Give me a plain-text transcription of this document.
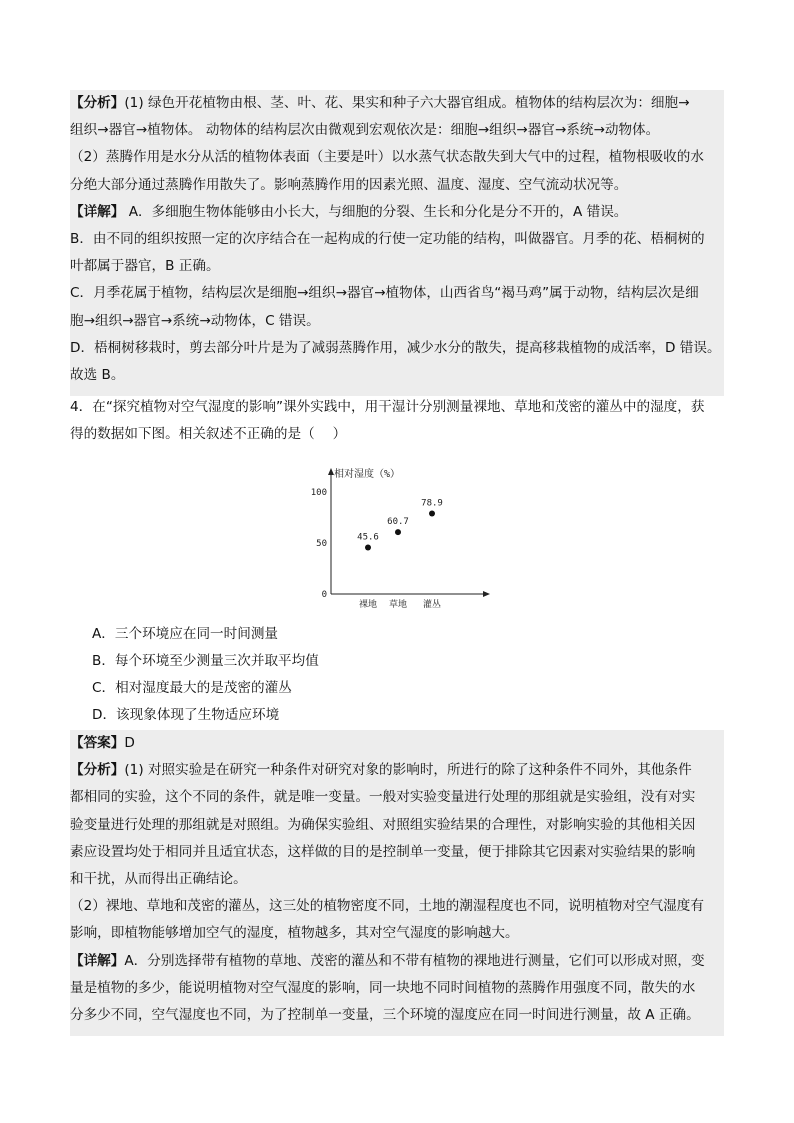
【分析】(1) 绿色开花植物由根、茎、叶、花、果实和种子六大器官组成。植物体的结构层次为：细胞→

组织→器官→植物体。 动物体的结构层次由微观到宏观依次是：细胞→组织→器官→系统→动物体。

（2）蒸腾作用是水分从活的植物体表面（主要是叶）以水蒸气状态散失到大气中的过程，植物根吸收的水

分绝大部分通过蒸腾作用散失了。影响蒸腾作用的因素光照、温度、湿度、空气流动状况等。

【详解】 A．多细胞生物体能够由小长大，与细胞的分裂、生长和分化是分不开的，A 错误。

B．由不同的组织按照一定的次序结合在一起构成的行使一定功能的结构，叫做器官。月季的花、梧桐树的

叶都属于器官，B 正确。

C．月季花属于植物，结构层次是细胞→组织→器官→植物体，山西省鸟“褐马鸡”属于动物，结构层次是细

胞→组织→器官→系统→动物体，C 错误。

D．梧桐树移栽时，剪去部分叶片是为了减弱蒸腾作用，减少水分的散失，提高移栽植物的成活率，D 错误。

故选 B。

4．在“探究植物对空气湿度的影响”课外实践中，用干湿计分别测量裸地、草地和茂密的灌丛中的湿度，获

得的数据如下图。相关叙述不正确的是（　 ）

相对湿度（%）
0
50
100
裸地 草地 灌丛
45.6
60.7
78.9

A．三个环境应在同一时间测量

B．每个环境至少测量三次并取平均值

C．相对湿度最大的是茂密的灌丛

D．该现象体现了生物适应环境

【答案】D

【分析】(1) 对照实验是在研究一种条件对研究对象的影响时，所进行的除了这种条件不同外，其他条件

都相同的实验，这个不同的条件，就是唯一变量。一般对实验变量进行处理的那组就是实验组，没有对实

验变量进行处理的那组就是对照组。为确保实验组、对照组实验结果的合理性，对影响实验的其他相关因

素应设置均处于相同并且适宜状态，这样做的目的是控制单一变量，便于排除其它因素对实验结果的影响

和干扰，从而得出正确结论。

（2）裸地、草地和茂密的灌丛，这三处的植物密度不同，土地的潮湿程度也不同，说明植物对空气湿度有

影响，即植物能够增加空气的湿度，植物越多，其对空气湿度的影响越大。

【详解】A．分别选择带有植物的草地、茂密的灌丛和不带有植物的裸地进行测量，它们可以形成对照，变

量是植物的多少，能说明植物对空气湿度的影响，同一块地不同时间植物的蒸腾作用强度不同，散失的水

分多少不同，空气湿度也不同，为了控制单一变量，三个环境的湿度应在同一时间进行测量，故 A 正确。
